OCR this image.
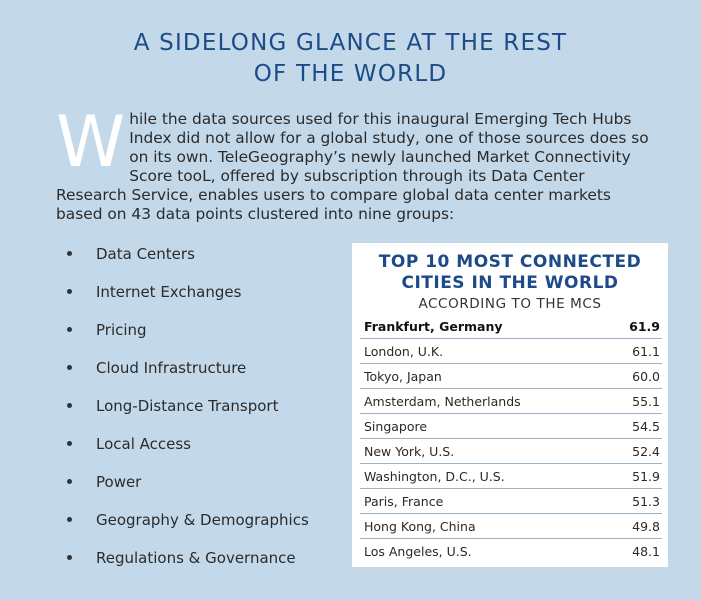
A SIDELONG GLANCE AT THE REST
OF THE WORLD
W hile the data sources used for this inaugural Emerging Tech Hubs Index did not allow for a global study, one of those sources does so on its own. TeleGeography’s newly launched Market Connectivity Score tooL, offered by subscription through its Data Center Research Service, enables users to compare global data center markets based on 43 data points clustered into nine groups:

Data Centers
Internet Exchanges
Pricing
Cloud Infrastructure
Long-Distance Transport
Local Access
Power
Geography & Demographics
Regulations & Governance
TOP 10 MOST CONNECTED
CITIES IN THE WORLD
ACCORDING TO THE MCS
Frankfurt, Germany	61.9
London, U.K.	61.1
Tokyo, Japan	60.0
Amsterdam, Netherlands	55.1
Singapore	54.5
New York, U.S.	52.4
Washington, D.C., U.S.	51.9
Paris, France	51.3
Hong Kong, China	49.8
Los Angeles, U.S.	48.1
